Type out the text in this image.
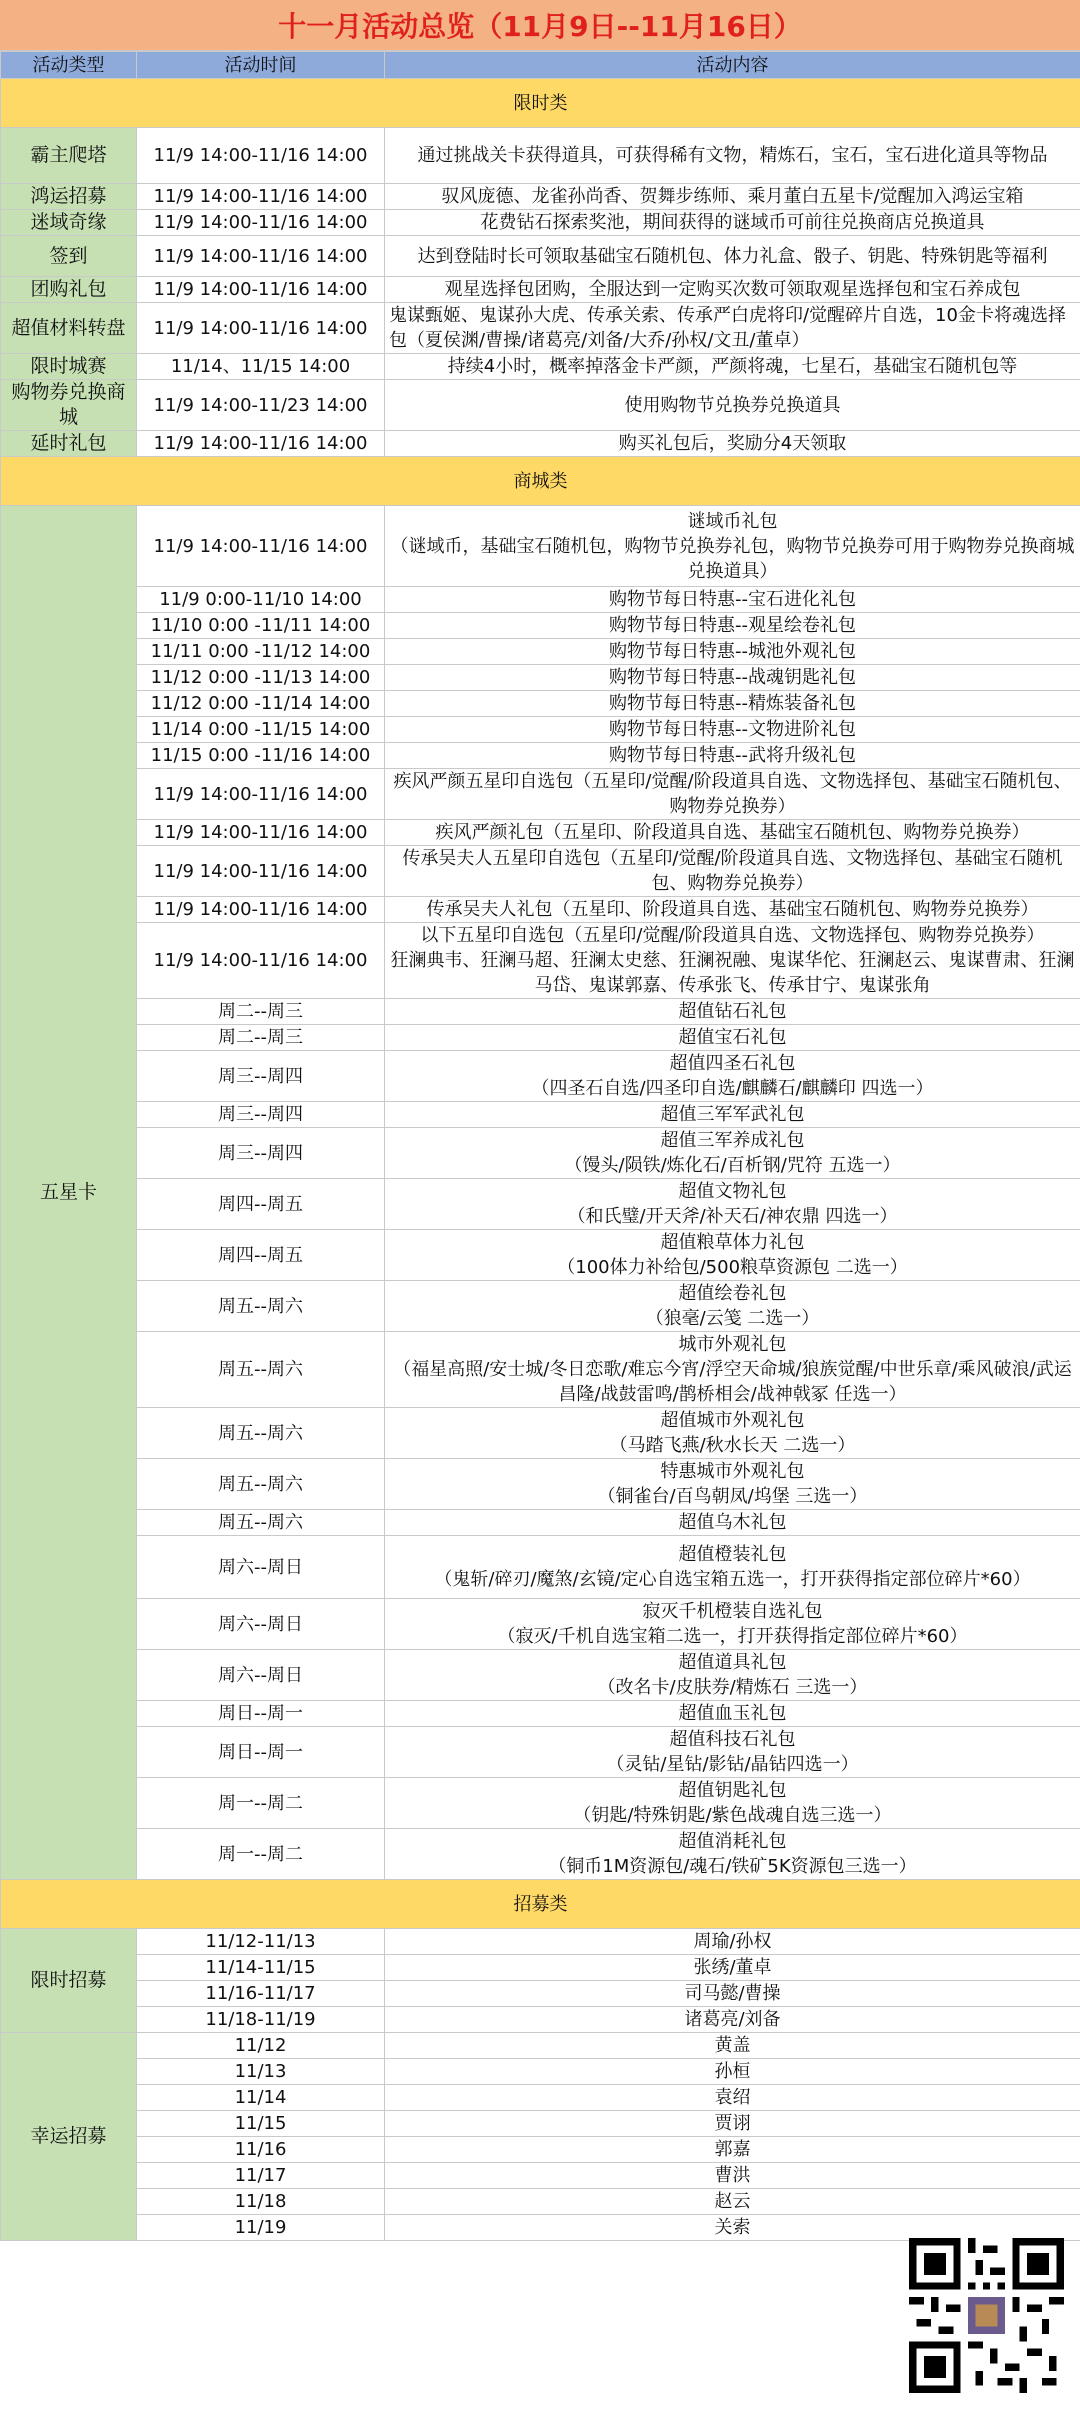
十一月活动总览（11月9日--11月16日）
活动类型	活动时间	活动内容
限时类		
霸主爬塔	11/9 14:00-11/16 14:00	通过挑战关卡获得道具，可获得稀有文物，精炼石，宝石，宝石进化道具等物品
鸿运招募	11/9 14:00-11/16 14:00	驭风庞德、龙雀孙尚香、贺舞步练师、乘月董白五星卡/觉醒加入鸿运宝箱
迷域奇缘	11/9 14:00-11/16 14:00	花费钻石探索奖池，期间获得的谜域币可前往兑换商店兑换道具
签到	11/9 14:00-11/16 14:00	达到登陆时长可领取基础宝石随机包、体力礼盒、骰子、钥匙、特殊钥匙等福利
团购礼包	11/9 14:00-11/16 14:00	观星选择包团购，全服达到一定购买次数可领取观星选择包和宝石养成包
超值材料转盘	11/9 14:00-11/16 14:00	鬼谋甄姬、鬼谋孙大虎、传承关索、传承严白虎将印/觉醒碎片自选，10金卡将魂选择包（夏侯渊/曹操/诸葛亮/刘备/大乔/孙权/文丑/董卓）
限时城赛	11/14、11/15 14:00	持续4小时，概率掉落金卡严颜，严颜将魂，七星石，基础宝石随机包等
购物券兑换商城	11/9 14:00-11/23 14:00	使用购物节兑换券兑换道具
延时礼包	11/9 14:00-11/16 14:00	购买礼包后，奖励分4天领取
商城类		
五星卡	11/9 14:00-11/16 14:00	谜域币礼包
（谜域币，基础宝石随机包，购物节兑换券礼包，购物节兑换券可用于购物券兑换商城兑换道具）

	11/9 0:00-11/10 14:00	购物节每日特惠--宝石进化礼包

	11/10 0:00 -11/11 14:00	购物节每日特惠--观星绘卷礼包

	11/11 0:00 -11/12 14:00	购物节每日特惠--城池外观礼包

	11/12 0:00 -11/13 14:00	购物节每日特惠--战魂钥匙礼包

	11/12 0:00 -11/14 14:00	购物节每日特惠--精炼装备礼包

	11/14 0:00 -11/15 14:00	购物节每日特惠--文物进阶礼包

	11/15 0:00 -11/16 14:00	购物节每日特惠--武将升级礼包

	11/9 14:00-11/16 14:00	疾风严颜五星印自选包（五星印/觉醒/阶段道具自选、文物选择包、基础宝石随机包、购物券兑换券）

	11/9 14:00-11/16 14:00	疾风严颜礼包（五星印、阶段道具自选、基础宝石随机包、购物券兑换券）

	11/9 14:00-11/16 14:00	传承吴夫人五星印自选包（五星印/觉醒/阶段道具自选、文物选择包、基础宝石随机包、购物券兑换券）

	11/9 14:00-11/16 14:00	传承吴夫人礼包（五星印、阶段道具自选、基础宝石随机包、购物券兑换券）

	11/9 14:00-11/16 14:00	以下五星印自选包（五星印/觉醒/阶段道具自选、文物选择包、购物券兑换券）
狂澜典韦、狂澜马超、狂澜太史慈、狂澜祝融、鬼谋华佗、狂澜赵云、鬼谋曹肃、狂澜马岱、鬼谋郭嘉、传承张飞、传承甘宁、鬼谋张角

	周二--周三	超值钻石礼包

	周二--周三	超值宝石礼包

	周三--周四	超值四圣石礼包
（四圣石自选/四圣印自选/麒麟石/麒麟印 四选一）

	周三--周四	超值三军军武礼包

	周三--周四	超值三军养成礼包
（馒头/陨铁/炼化石/百析钢/咒符 五选一）

	周四--周五	超值文物礼包
（和氏璧/开天斧/补天石/神农鼎 四选一）

	周四--周五	超值粮草体力礼包
（100体力补给包/500粮草资源包 二选一）

	周五--周六	超值绘卷礼包
（狼毫/云笺 二选一）

	周五--周六	城市外观礼包
（福星高照/安士城/冬日恋歌/难忘今宵/浮空天命城/狼族觉醒/中世乐章/乘风破浪/武运昌隆/战鼓雷鸣/鹊桥相会/战神戟冢 任选一）

	周五--周六	超值城市外观礼包
（马踏飞燕/秋水长天 二选一）

	周五--周六	特惠城市外观礼包
（铜雀台/百鸟朝凤/坞堡 三选一）

	周五--周六	超值乌木礼包

	周六--周日	超值橙装礼包
（鬼斩/碎刃/魔煞/玄镜/定心自选宝箱五选一，打开获得指定部位碎片*60）

	周六--周日	寂灭千机橙装自选礼包
（寂灭/千机自选宝箱二选一，打开获得指定部位碎片*60）

	周六--周日	超值道具礼包
（改名卡/皮肤券/精炼石 三选一）

	周日--周一	超值血玉礼包

	周日--周一	超值科技石礼包
（灵钻/星钻/影钻/晶钻四选一）

	周一--周二	超值钥匙礼包
（钥匙/特殊钥匙/紫色战魂自选三选一）

	周一--周二	超值消耗礼包
（铜币1M资源包/魂石/铁矿5K资源包三选一）

招募类		
限时招募	11/12-11/13	周瑜/孙权
	11/14-11/15	张绣/董卓
	11/16-11/17	司马懿/曹操
	11/18-11/19	诸葛亮/刘备
幸运招募	11/12	黄盖
	11/13	孙桓
	11/14	袁绍
	11/15	贾诩
	11/16	郭嘉
	11/17	曹洪
	11/18	赵云
	11/19	关索
